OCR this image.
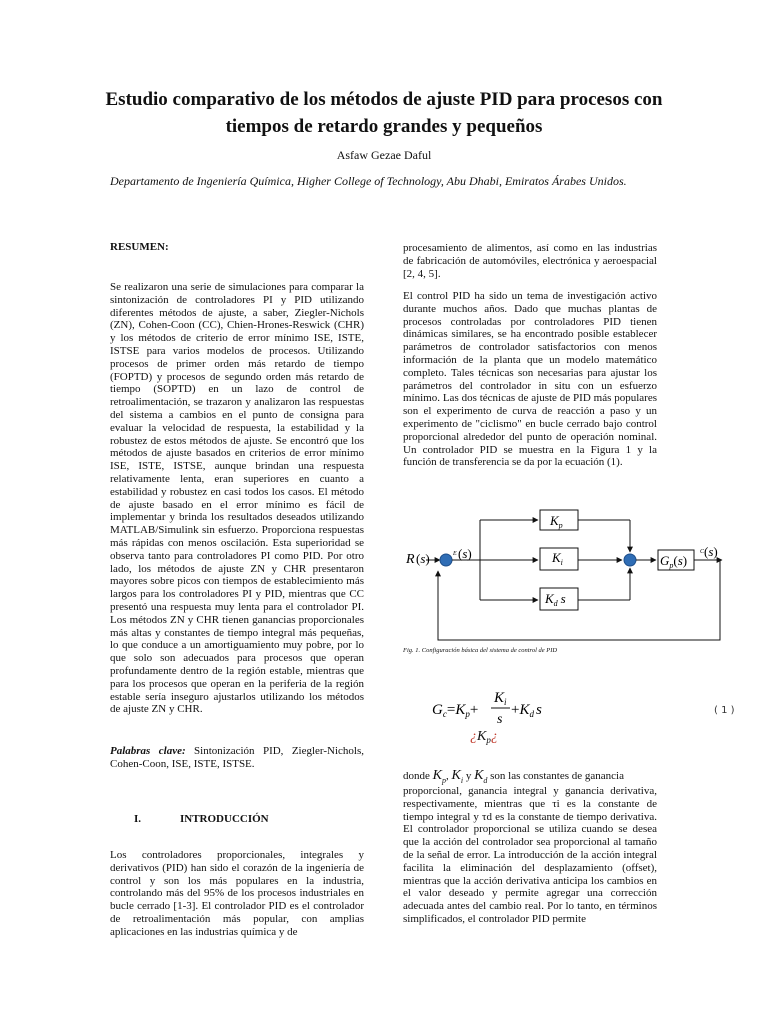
Estudio comparativo de los métodos de ajuste PID para procesos con tiempos de retardo grandes y pequeños
Asfaw Gezae Daful
Departamento de Ingeniería Química, Higher College of Technology, Abu Dhabi, Emiratos Árabes Unidos.
RESUMEN:

Se realizaron una serie de simulaciones para comparar la sintonización de controladores PI y PID utilizando diferentes métodos de ajuste, a saber, Ziegler-Nichols (ZN), Cohen-Coon (CC), Chien-Hrones-Reswick (CHR) y los métodos de criterio de error mínimo ISE, ISTE, ISTSE para varios modelos de procesos. Utilizando procesos de primer orden más retardo de tiempo (FOPTD) y procesos de segundo orden más retardo de tiempo (SOPTD) en un lazo de control de retroalimentación, se trazaron y analizaron las respuestas del sistema a cambios en el punto de consigna para evaluar la velocidad de respuesta, la estabilidad y la robustez de estos métodos de ajuste. Se encontró que los métodos de ajuste basados en criterios de error mínimo ISE, ISTE, ISTSE, aunque brindan una respuesta relativamente lenta, eran superiores en cuanto a estabilidad y robustez en casi todos los casos. El método de ajuste basado en el error mínimo es fácil de implementar y brinda los resultados deseados utilizando MATLAB/Simulink sin esfuerzo. Proporciona respuestas más rápidas con menos oscilación. Esta superioridad se observa tanto para controladores PI como PID. Por otro lado, los métodos de ajuste ZN y CHR presentaron mayores sobre picos con tiempos de establecimiento más largos para los controladores PI y PID, mientras que CC presentó una respuesta muy lenta para el controlador PI. Los métodos ZN y CHR tienen ganancias proporcionales más altas y constantes de tiempo integral más pequeñas, lo que conduce a un amortiguamiento muy pobre, por lo que solo son adecuados para procesos que operan profundamente dentro de la región estable, mientras que para los procesos que operan en la periferia de la región estable sería inseguro ajustarlos utilizando los métodos de ajuste ZN y CHR.

Palabras clave: Sintonización PID, Ziegler-Nichols, Cohen-Coon, ISE, ISTE, ISTSE.

I.	INTRODUCCIÓN

Los controladores proporcionales, integrales y derivativos (PID) han sido el corazón de la ingeniería de control y son los más populares en la industria, controlando más del 95% de los procesos industriales en bucle cerrado [1-3]. El controlador PID es el controlador de retroalimentación más popular, con amplias aplicaciones en las industrias química y de

procesamiento de alimentos, así como en las industrias de fabricación de automóviles, electrónica y aeroespacial [2, 4, 5].

El control PID ha sido un tema de investigación activo durante muchos años. Dado que muchas plantas de procesos controladas por controladores PID tienen dinámicas similares, se ha encontrado posible establecer parámetros de controlador satisfactorios con menos información de la planta que un modelo matemático completo. Tales técnicas son necesarias para ajustar los parámetros del controlador in situ con un esfuerzo mínimo. Las dos técnicas de ajuste de PID más populares son el experimento de curva de reacción a paso y un experimento de "ciclismo" en bucle cerrado bajo control proporcional alrededor del punto de operación nominal. Un controlador PID se muestra en la Figura 1 y la función de transferencia se da por la ecuación (1).

R (s)	E (s)
$K_p$
$K_i$
$K_d$ s
$G_p(s)$
C (s)
Fig. 1. Configuración básica del sistema de control de PID
$G_c=K_p+$
$K_i$
s
$+K_d$ s
¿$K_p¿$
( 1 )
donde $K_p$, $K_i$ y $K_d$ son las constantes de ganancia

proporcional, ganancia integral y ganancia derivativa, respectivamente, mientras que τi es la constante de tiempo integral y τd es la constante de tiempo derivativa. El controlador proporcional se utiliza cuando se desea que la acción del controlador sea proporcional al tamaño de la señal de error. La introducción de la acción integral facilita la eliminación del desplazamiento (offset), mientras que la acción derivativa anticipa los cambios en el valor deseado y permite agregar una corrección adecuada antes del cambio real. Por lo tanto, en términos simplificados, el controlador PID permite
